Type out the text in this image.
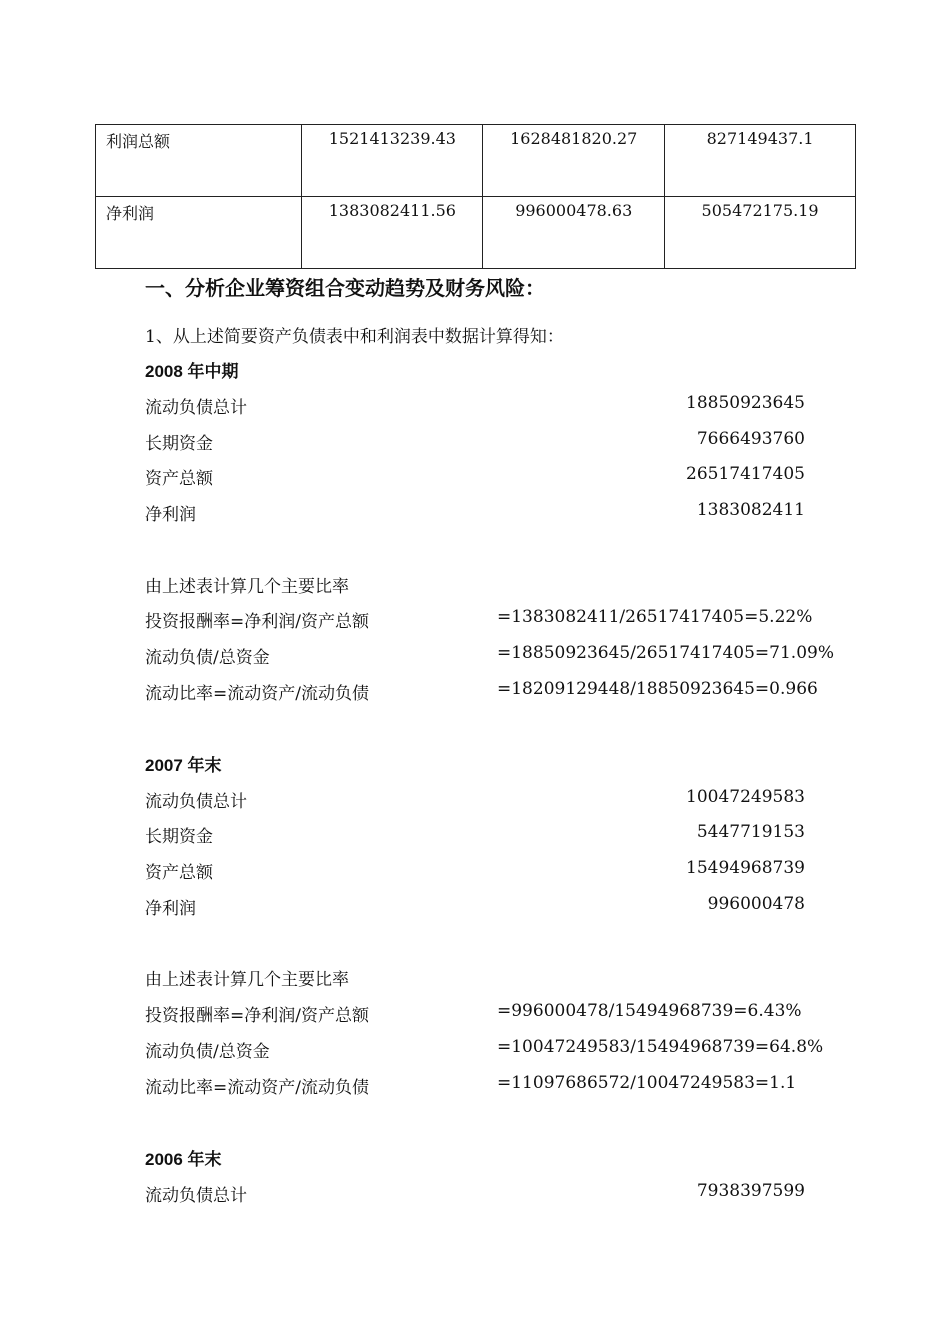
利润总额	1521413239.43	1628481820.27	827149437.1
净利润	1383082411.56	996000478.63	505472175.19
一、分析企业筹资组合变动趋势及财务风险：
1、从上述简要资产负债表中和利润表中数据计算得知：
2008 年中期
流动负债总计	18850923645
长期资金	7666493760
资产总额	26517417405
净利润	1383082411
由上述表计算几个主要比率
投资报酬率=净利润/资产总额	=1383082411/26517417405=5.22%
流动负债/总资金	=18850923645/26517417405=71.09%
流动比率=流动资产/流动负债	=18209129448/18850923645=0.966
2007 年末
流动负债总计	10047249583
长期资金	5447719153
资产总额	15494968739
净利润	996000478
由上述表计算几个主要比率
投资报酬率=净利润/资产总额	=996000478/15494968739=6.43%
流动负债/总资金	=10047249583/15494968739=64.8%
流动比率=流动资产/流动负债	=11097686572/10047249583=1.1
2006 年末
流动负债总计	7938397599
